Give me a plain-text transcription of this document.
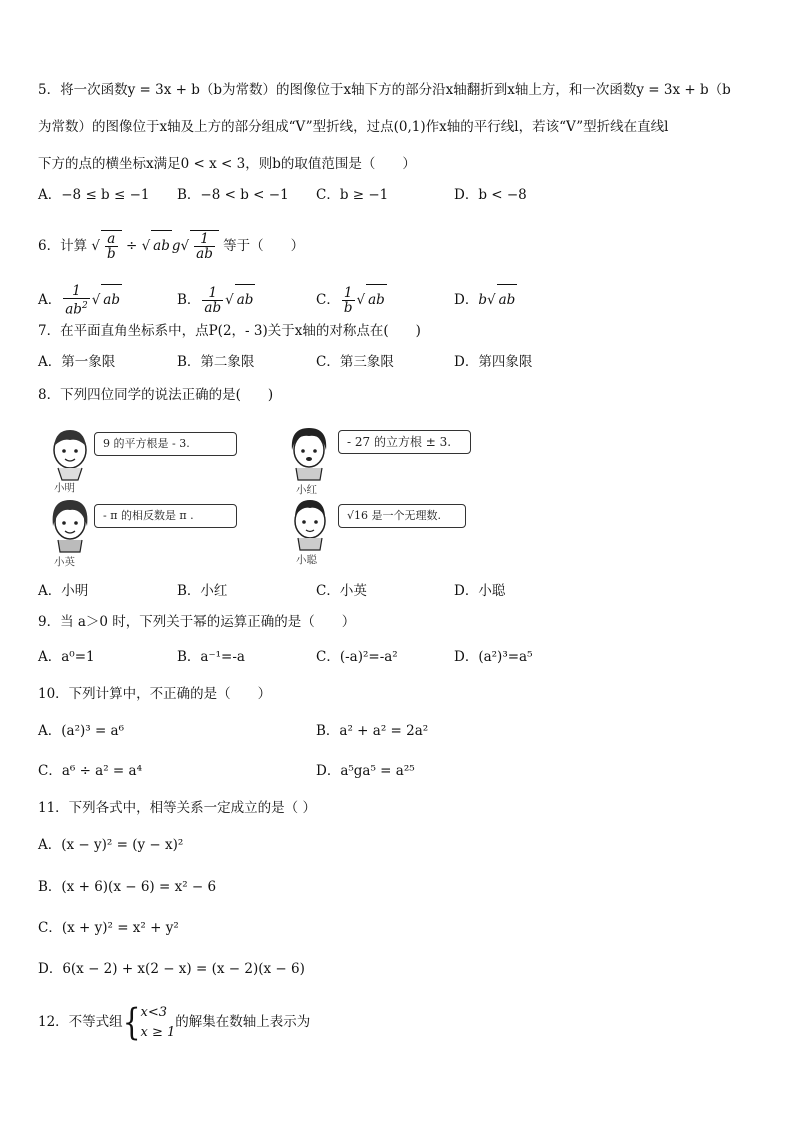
5．将一次函数y = 3x + b（b为常数）的图像位于x轴下方的部分沿x轴翻折到x轴上方，和一次函数y = 3x + b（b
为常数）的图像位于x轴及上方的部分组成“V”型折线，过点(0,1)作x轴的平行线l，若该“V”型折线在直线l
下方的点的横坐标x满足0 < x < 3，则b的取值范围是（　　）
A．−8 ≤ b ≤ −1 B．−8 < b < −1 C．b ≥ −1	D．b < −8
6．计算 √ $\frac{a}{b}$ ÷ √ ab $g√ \frac{1}{ab}$ 等于（　　）
A． $\frac{1}{ab^2}$ √ ab	B． $\frac{1}{ab}$ √ ab	C． $\frac{1}{b}$ √ ab	D．b√ ab
7．在平面直角坐标系中，点P(2，- 3)关于x轴的对称点在(　　)
A．第一象限	B．第二象限	C．第三象限	D．第四象限
8．下列四位同学的说法正确的是(　　)
小明
9 的平方根是 - 3.
小红
- 27 的立方根 ± 3.
小英
- π 的相反数是 π .
小聪
√16 是一个无理数.
A．小明	B．小红	C．小英	D．小聪
9．当 a＞0 时，下列关于幂的运算正确的是（　　）
A．a⁰=1	B．a⁻¹=-a	C．(-a)²=-a²	D．(a²)³=a⁵
10．下列计算中，不正确的是（　　）
A．(a²)³ = a⁶	B．a² + a² = 2a²
C．a⁶ ÷ a² = a⁴	D．a⁵ga⁵ = a²⁵
11．下列各式中，相等关系一定成立的是（ ）
A．(x − y)² = (y − x)²
B．(x + 6)(x − 6) = x² − 6
C．(x + y)² = x² + y²
D．6(x − 2) + x(2 − x) = (x − 2)(x − 6)
12．不等式组{ x<3
x ≥ 1
的解集在数轴上表示为
